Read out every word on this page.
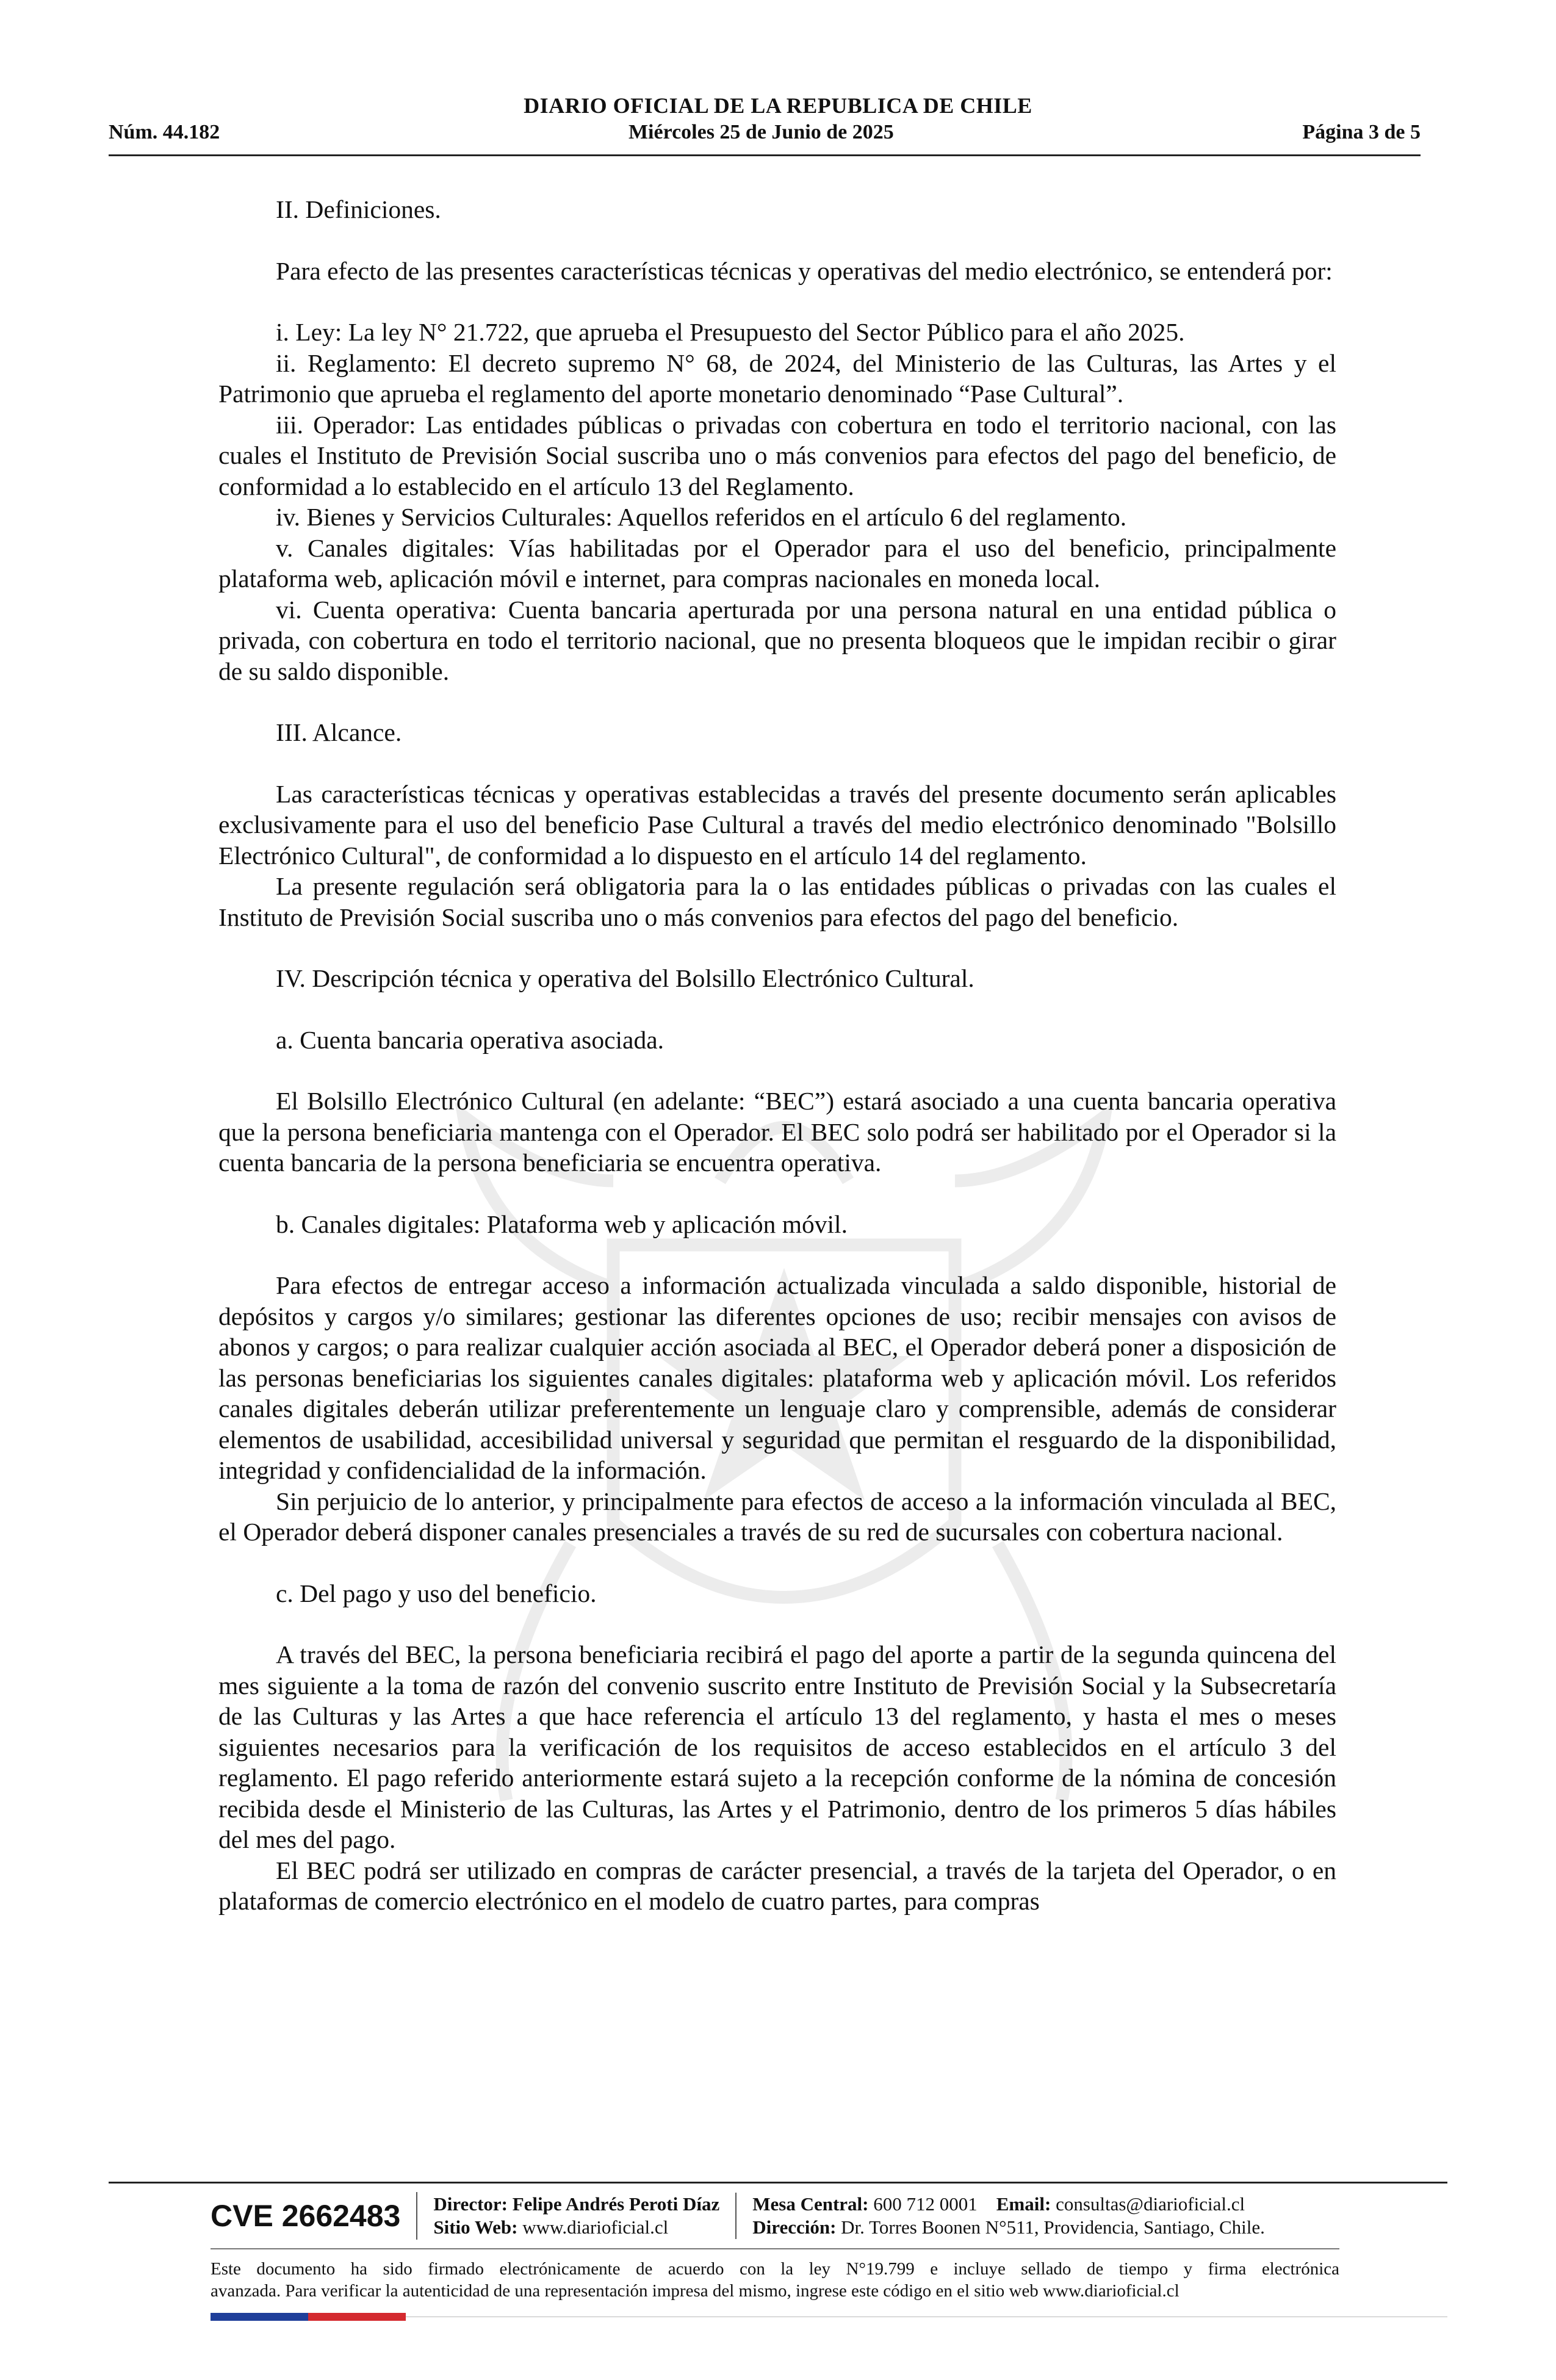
DIARIO OFICIAL DE LA REPUBLICA DE CHILE
Núm. 44.182	Miércoles 25 de Junio de 2025	Página 3 de 5

II. Definiciones.

Para efecto de las presentes características técnicas y operativas del medio electrónico, se entenderá por:

i. Ley: La ley N° 21.722, que aprueba el Presupuesto del Sector Público para el año 2025.

ii. Reglamento: El decreto supremo N° 68, de 2024, del Ministerio de las Culturas, las Artes y el Patrimonio que aprueba el reglamento del aporte monetario denominado “Pase Cultural”.

iii. Operador: Las entidades públicas o privadas con cobertura en todo el territorio nacional, con las cuales el Instituto de Previsión Social suscriba uno o más convenios para efectos del pago del beneficio, de conformidad a lo establecido en el artículo 13 del Reglamento.

iv. Bienes y Servicios Culturales: Aquellos referidos en el artículo 6 del reglamento.

v. Canales digitales: Vías habilitadas por el Operador para el uso del beneficio, principalmente plataforma web, aplicación móvil e internet, para compras nacionales en moneda local.

vi. Cuenta operativa: Cuenta bancaria aperturada por una persona natural en una entidad pública o privada, con cobertura en todo el territorio nacional, que no presenta bloqueos que le impidan recibir o girar de su saldo disponible.

III. Alcance.

Las características técnicas y operativas establecidas a través del presente documento serán aplicables exclusivamente para el uso del beneficio Pase Cultural a través del medio electrónico denominado "Bolsillo Electrónico Cultural", de conformidad a lo dispuesto en el artículo 14 del reglamento.

La presente regulación será obligatoria para la o las entidades públicas o privadas con las cuales el Instituto de Previsión Social suscriba uno o más convenios para efectos del pago del beneficio.

IV. Descripción técnica y operativa del Bolsillo Electrónico Cultural.

a. Cuenta bancaria operativa asociada.

El Bolsillo Electrónico Cultural (en adelante: “BEC”) estará asociado a una cuenta bancaria operativa que la persona beneficiaria mantenga con el Operador. El BEC solo podrá ser habilitado por el Operador si la cuenta bancaria de la persona beneficiaria se encuentra operativa.

b. Canales digitales: Plataforma web y aplicación móvil.

Para efectos de entregar acceso a información actualizada vinculada a saldo disponible, historial de depósitos y cargos y/o similares; gestionar las diferentes opciones de uso; recibir mensajes con avisos de abonos y cargos; o para realizar cualquier acción asociada al BEC, el Operador deberá poner a disposición de las personas beneficiarias los siguientes canales digitales: plataforma web y aplicación móvil. Los referidos canales digitales deberán utilizar preferentemente un lenguaje claro y comprensible, además de considerar elementos de usabilidad, accesibilidad universal y seguridad que permitan el resguardo de la disponibilidad, integridad y confidencialidad de la información.

Sin perjuicio de lo anterior, y principalmente para efectos de acceso a la información vinculada al BEC, el Operador deberá disponer canales presenciales a través de su red de sucursales con cobertura nacional.

c. Del pago y uso del beneficio.

A través del BEC, la persona beneficiaria recibirá el pago del aporte a partir de la segunda quincena del mes siguiente a la toma de razón del convenio suscrito entre Instituto de Previsión Social y la Subsecretaría de las Culturas y las Artes a que hace referencia el artículo 13 del reglamento, y hasta el mes o meses siguientes necesarios para la verificación de los requisitos de acceso establecidos en el artículo 3 del reglamento. El pago referido anteriormente estará sujeto a la recepción conforme de la nómina de concesión recibida desde el Ministerio de las Culturas, las Artes y el Patrimonio, dentro de los primeros 5 días hábiles del mes del pago.

El BEC podrá ser utilizado en compras de carácter presencial, a través de la tarjeta del Operador, o en plataformas de comercio electrónico en el modelo de cuatro partes, para compras

CVE 2662483	Director: Felipe Andrés Peroti Díaz
Sitio Web: www.diarioficial.cl
Mesa Central: 600 712 0001 Email: consultas@diarioficial.cl
Dirección: Dr. Torres Boonen N°511, Providencia, Santiago, Chile.
Este documento ha sido firmado electrónicamente de acuerdo con la ley N°19.799 e incluye sellado de tiempo y firma electrónica
avanzada. Para verificar la autenticidad de una representación impresa del mismo, ingrese este código en el sitio web www.diarioficial.cl
